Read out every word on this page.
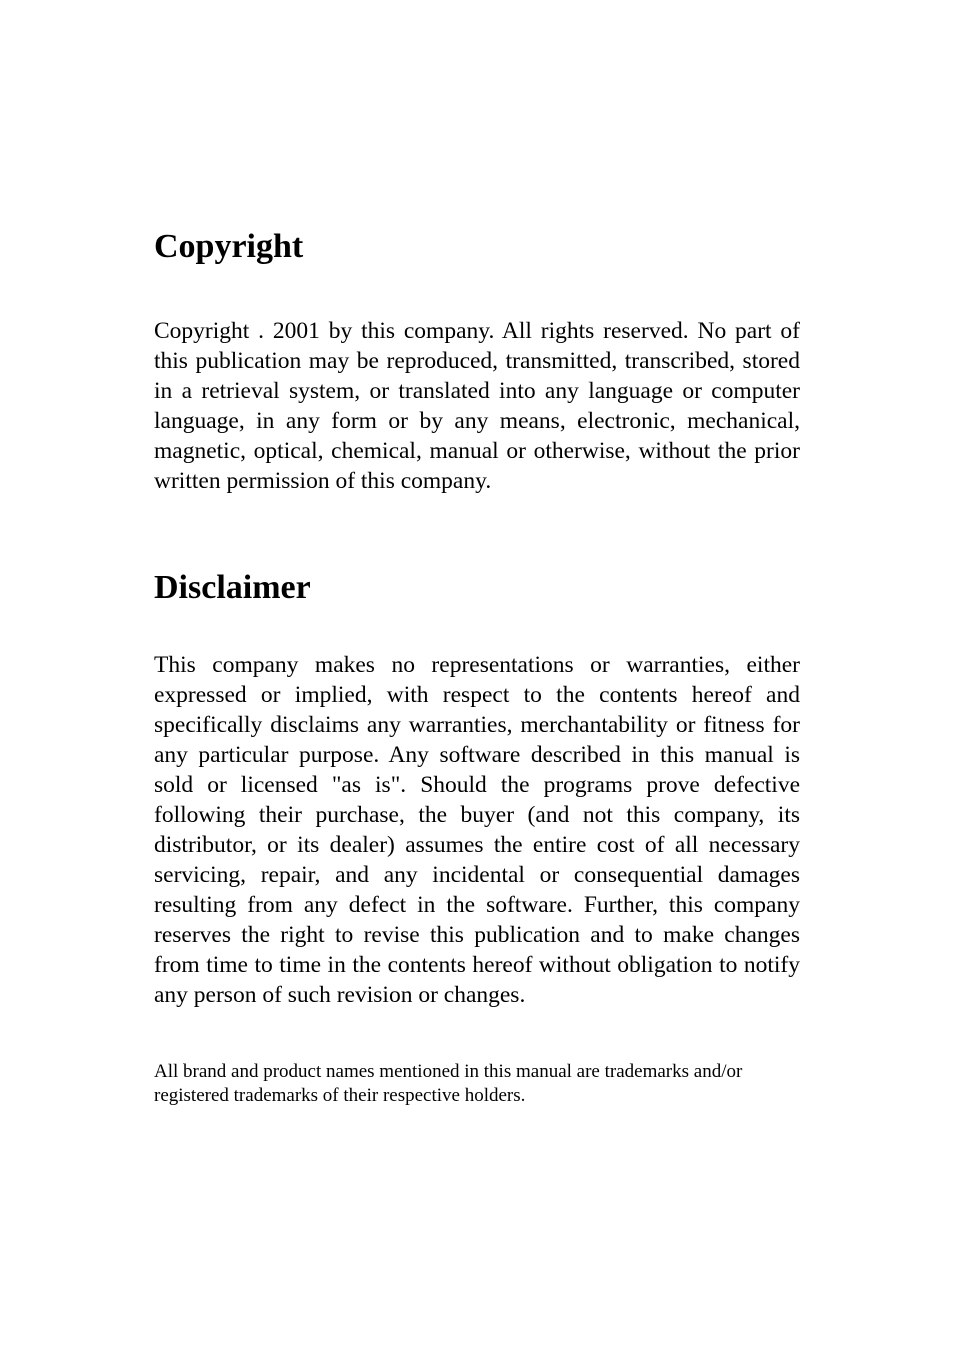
Copyright

Copyright . 2001 by this company. All rights reserved. No part of this publication may be reproduced, transmitted, transcribed, stored in a retrieval system, or translated into any language or computer language, in any form or by any means, electronic, mechanical, magnetic, optical, chemical, manual or otherwise, without the prior written permission of this company.

Disclaimer

This company makes no representations or warranties, either expressed or implied, with respect to the contents hereof and specifically disclaims any warranties, merchantability or fitness for any particular purpose. Any software described in this manual is sold or licensed "as is". Should the programs prove defective following their purchase, the buyer (and not this company, its distributor, or its dealer) assumes the entire cost of all necessary servicing, repair, and any incidental or consequential damages resulting from any defect in the software. Further, this company reserves the right to revise this publication and to make changes from time to time in the contents hereof without obligation to notify any person of such revision or changes.

All brand and product names mentioned in this manual are trademarks and/or registered trademarks of their respective holders.
